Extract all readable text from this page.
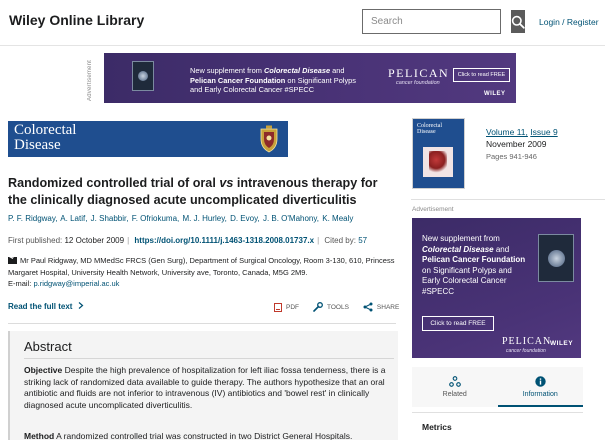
Wiley Online Library
Search	Login / Register
Advertisement	New supplement from Colorectal Disease and
Pelican Cancer Foundation on Significant Polyps
and Early Colorectal Cancer #SPECC
PELICAN
cancer foundation
Click to read FREE
WILEY
Colorectal
Disease
Randomized controlled trial of oral vs intravenous therapy for the clinically diagnosed acute uncomplicated diverticulitis
P. F. Ridgway, A. Latif, J. Shabbir, F. Ofriokuma, M. J. Hurley, D. Evoy, J. B. O'Mahony, K. Mealy
First published: 12 October 2009 | https://doi.org/10.1111/j.1463-1318.2008.01737.x | Cited by: 57
Mr Paul Ridgway, MD MMedSc FRCS (Gen Surg), Department of Surgical Oncology, Room 3-130, 610, Princess Margaret Hospital, University Health Network, University ave, Toronto, Canada, M5G 2M9.
E-mail: p.ridgway@imperial.ac.uk
Read the full text	PDF	TOOLS	SHARE
Abstract
Objective Despite the high prevalence of hospitalization for left iliac fossa tenderness, there is a striking lack of randomized data available to guide therapy. The authors hypothesize that an oral antibiotic and fluids are not inferior to intravenous (IV) antibiotics and 'bowel rest' in clinically diagnosed acute uncomplicated diverticulitis.
Method A randomized controlled trial was constructed in two District General Hospitals.
Colorectal
Disease	Volume 11, Issue 9
November 2009
Pages 941-946
Advertisement
New supplement from
Colorectal Disease and
Pelican Cancer Foundation on Significant Polyps and Early Colorectal Cancer #SPECC
Click to read FREE
PELICAN
cancer foundation
WILEY
Related	Information
Metrics
